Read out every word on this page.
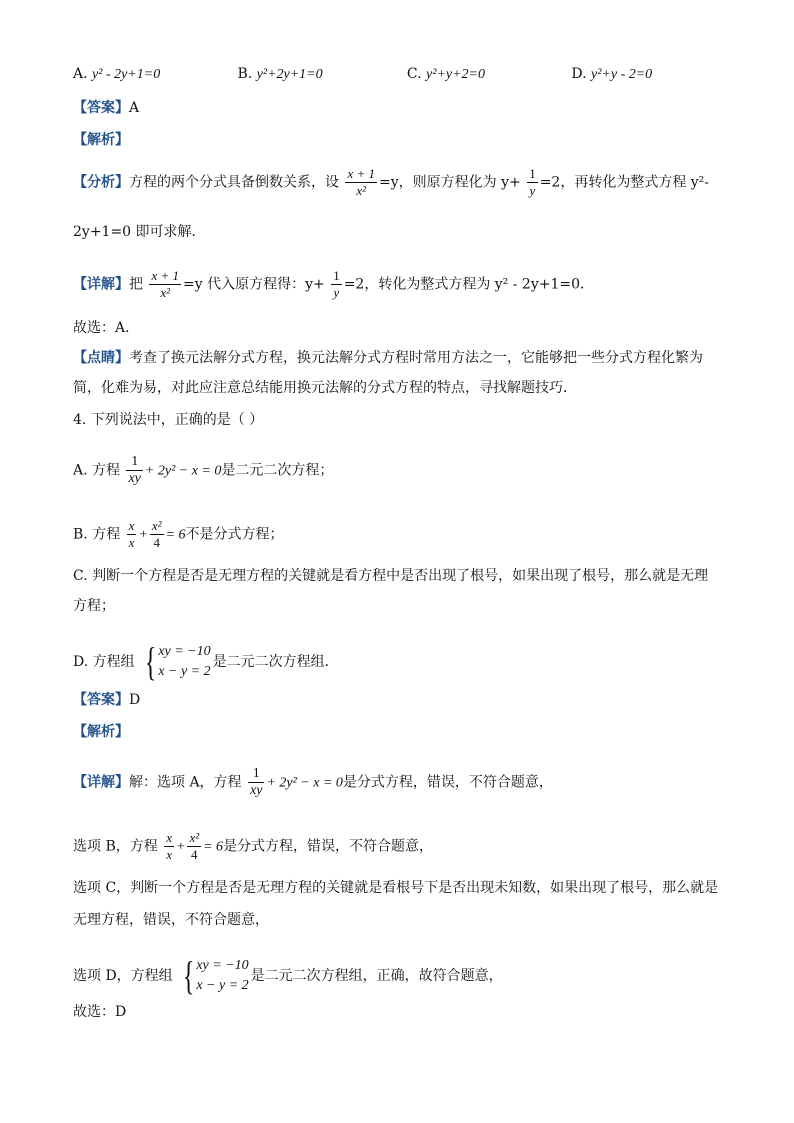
A. y² - 2y+1=0	B. y²+2y+1=0	C. y²+y+2=0	D. y²+y - 2=0
【答案】A
【解析】
【分析】方程的两个分式具备倒数关系，设 $\frac{x + 1}{\text{x²}} =y$，则原方程化为 $y+ \frac{1}{y} =2$，再转化为整式方程 y²-
2y+1=0 即可求解．
【详解】把 $\frac{x + 1}{\text{x²}} =y$ 代入原方程得：$y+ \frac{1}{y} =2$，转化为整式方程为 y² - 2y+1=0．
故选：A．
【点睛】考查了换元法解分式方程，换元法解分式方程时常用方法之一，它能够把一些分式方程化繁为
简，化难为易，对此应注意总结能用换元法解的分式方程的特点，寻找解题技巧．
4. 下列说法中，正确的是（ ）
A. 方程 $\frac{1}{xy} + 2y^2 - x = 0$是二元二次方程；
B. 方程 $\frac{x}{x} + \frac{\text{x²}}{4} = 6$不是分式方程；
C. 判断一个方程是否是无理方程的关键就是看方程中是否出现了根号，如果出现了根号，那么就是无理
方程；
D. 方程组 { xy = −10
x − y = 2
是二元二次方程组．
【答案】D
【解析】
【详解】解：选项 A，方程 $\frac{1}{xy} + 2y^2 - x = 0$是分式方程，错误，不符合题意，
选项 B，方程 $\frac{x}{x} + \frac{\text{x²}}{4} = 6$是分式方程，错误，不符合题意，
选项 C，判断一个方程是否是无理方程的关键就是看根号下是否出现未知数，如果出现了根号，那么就是
无理方程，错误，不符合题意，
选项 D，方程组 { xy = −10
x − y = 2
是二元二次方程组，正确，故符合题意，
故选：D
